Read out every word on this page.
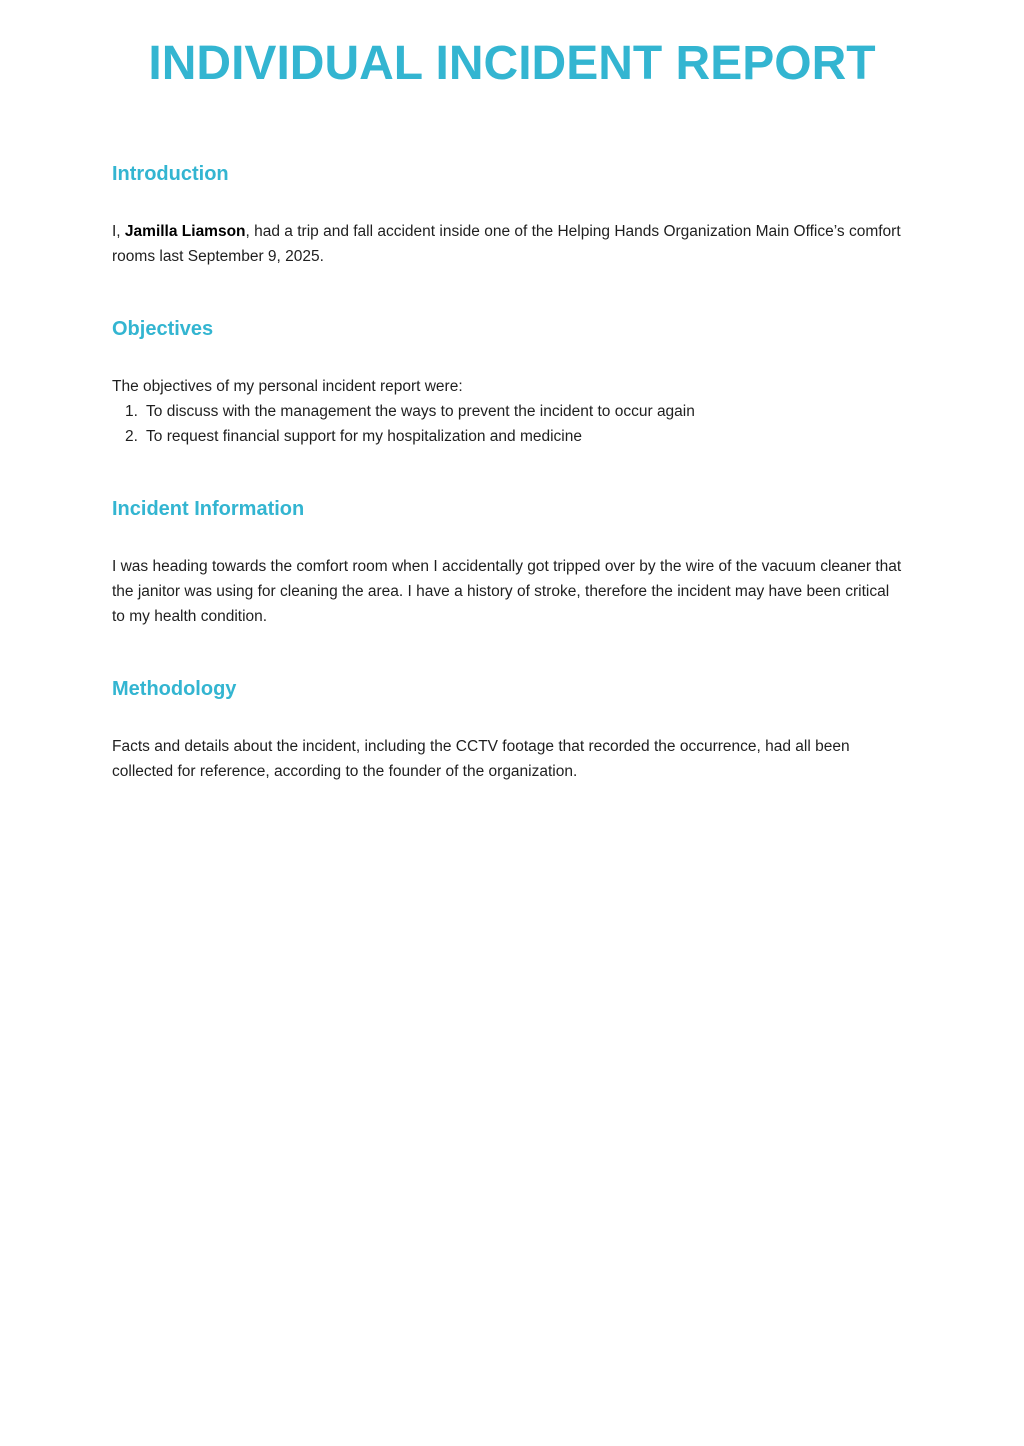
INDIVIDUAL INCIDENT REPORT
Introduction

I, Jamilla Liamson, had a trip and fall accident inside one of the Helping Hands Organization Main Office’s comfort rooms last September 9, 2025.

Objectives

The objectives of my personal incident report were:

1. To discuss with the management the ways to prevent the incident to occur again
2. To request financial support for my hospitalization and medicine
Incident Information

I was heading towards the comfort room when I accidentally got tripped over by the wire of the vacuum cleaner that the janitor was using for cleaning the area. I have a history of stroke, therefore the incident may have been critical to my health condition.

Methodology

Facts and details about the incident, including the CCTV footage that recorded the occurrence, had all been collected for reference, according to the founder of the organization.
